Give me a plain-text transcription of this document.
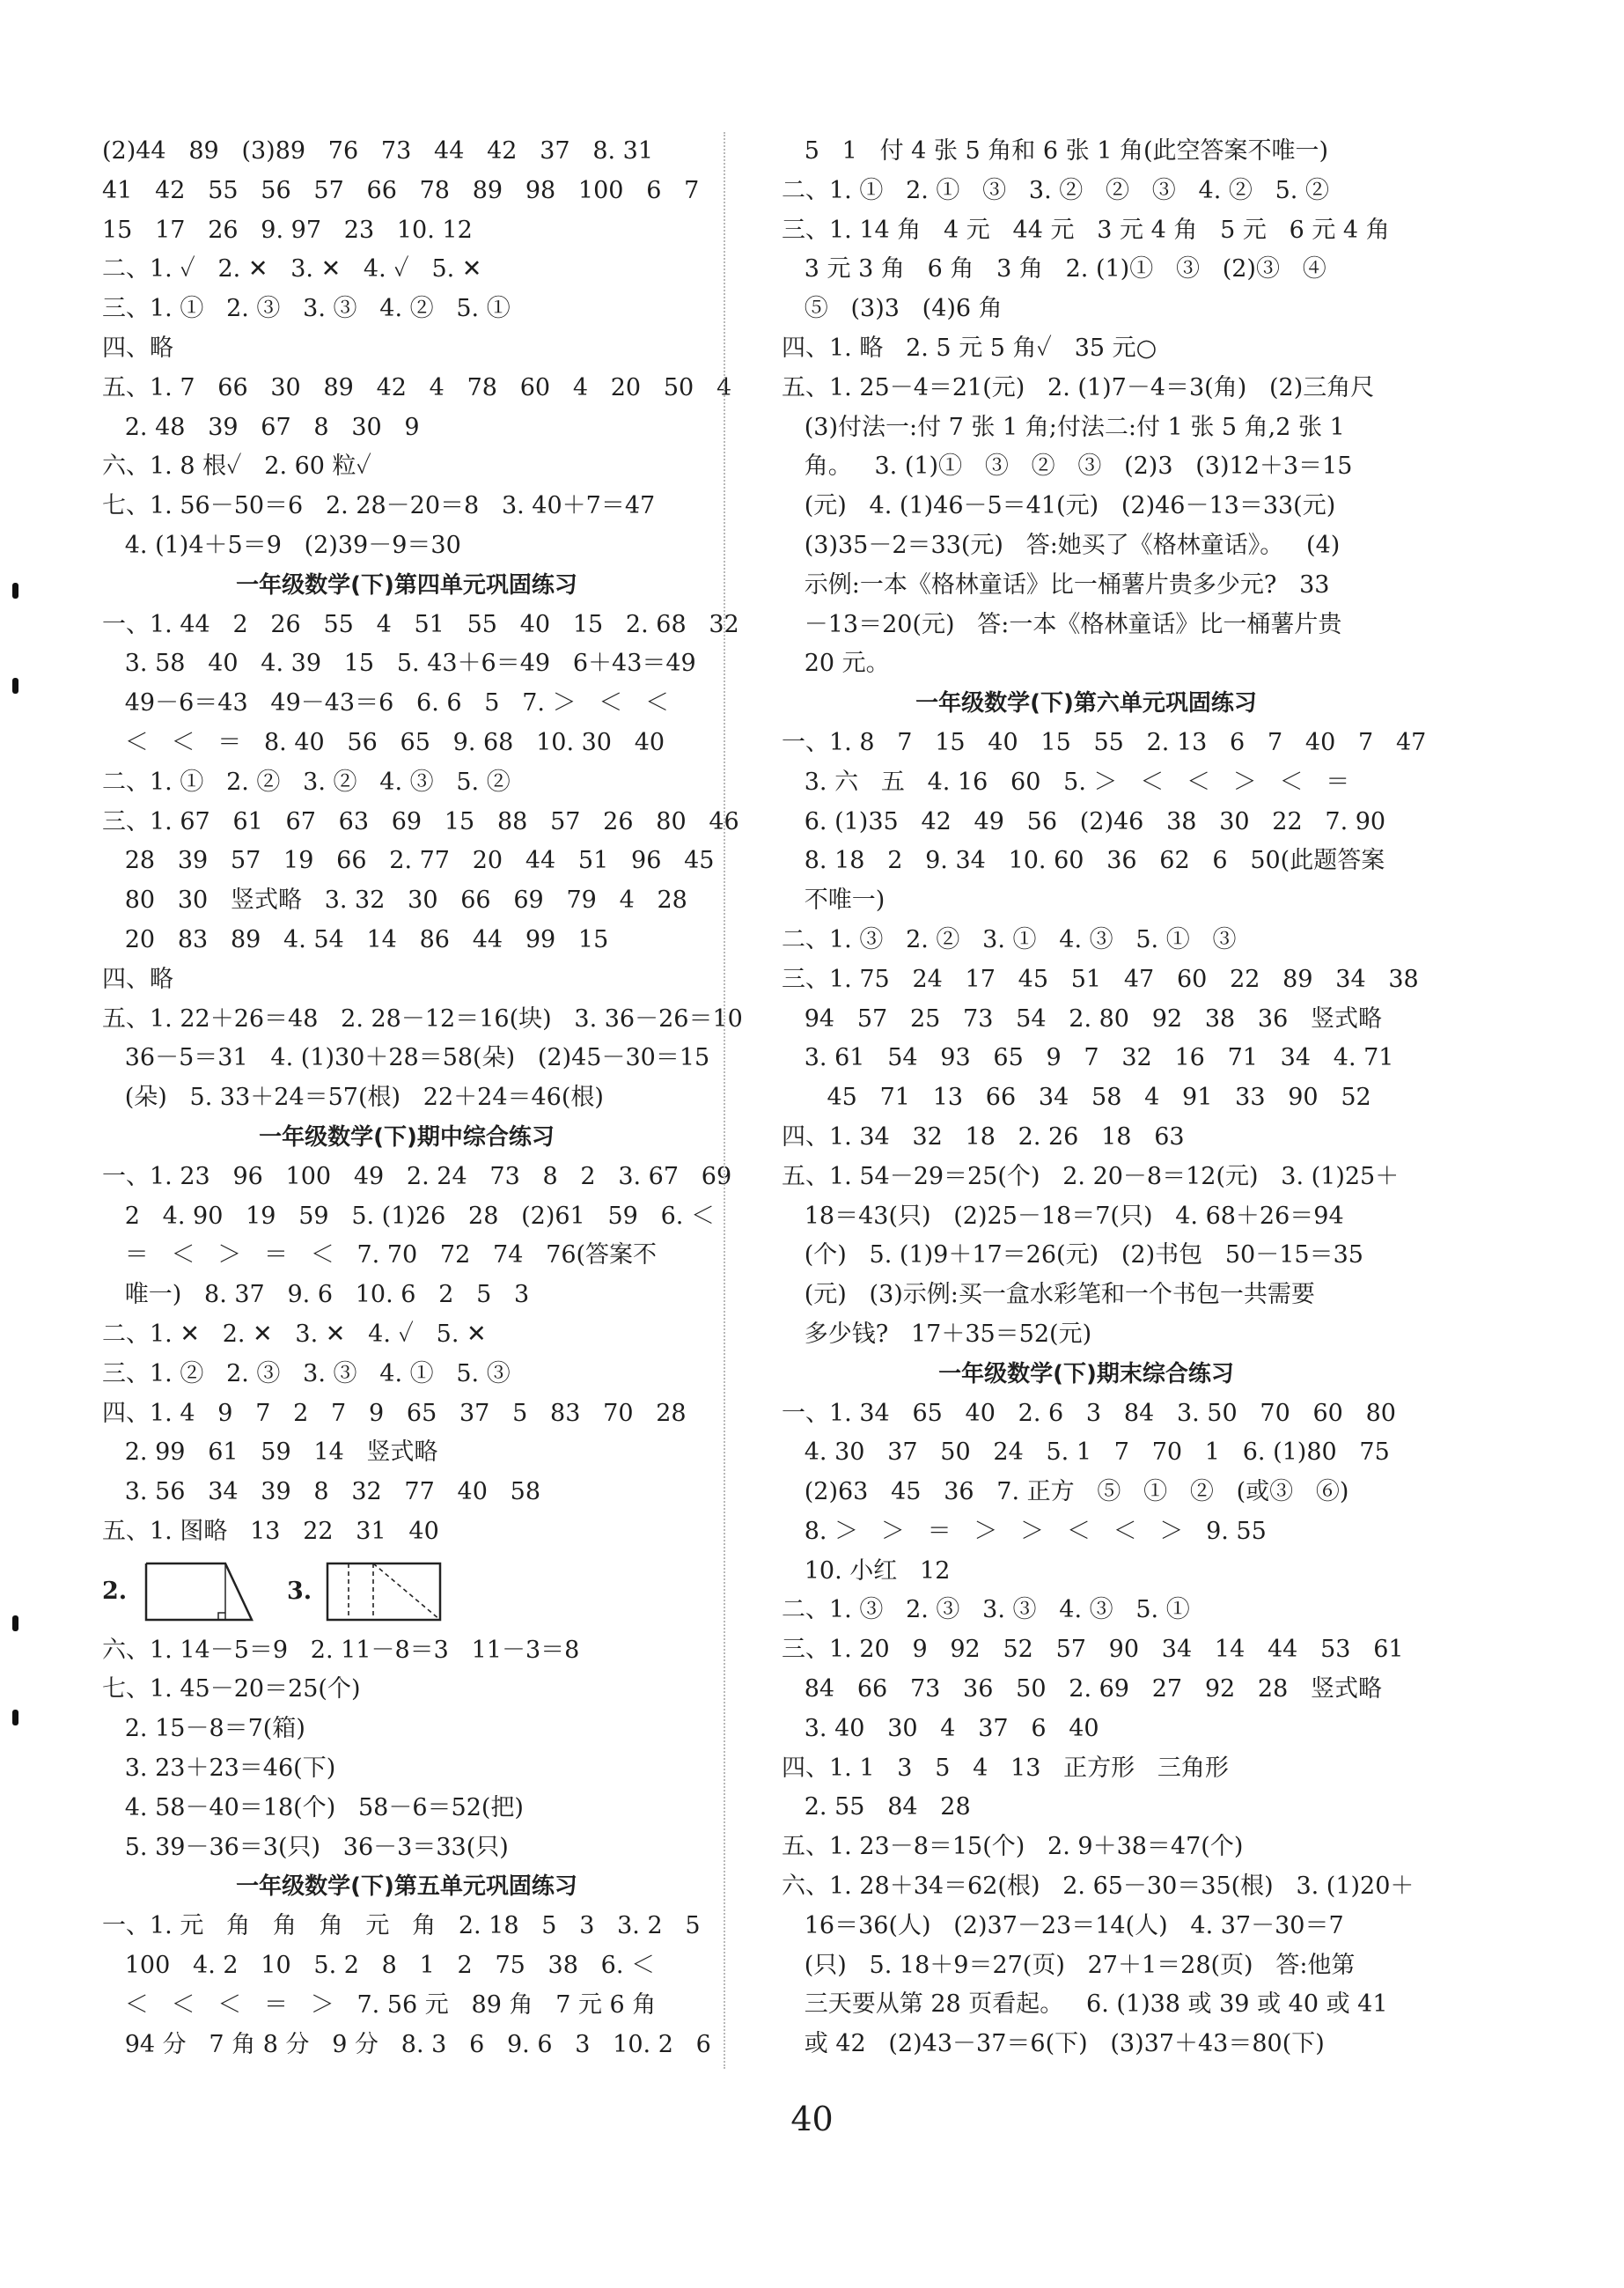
(2)44   89   (3)89   76   73   44   42   37   8. 31
41   42   55   56   57   66   78   89   98   100   6   7
15   17   26   9. 97   23   10. 12
二、1. ✓   2. ✕   3. ✕   4. ✓   5. ✕
三、1. ①   2. ③   3. ③   4. ②   5. ①
四、略
五、1. 7   66   30   89   42   4   78   60   4   20   50   4
2. 48   39   67   8   30   9
六、1. 8 根✓   2. 60 粒✓
七、1. 56－50＝6   2. 28－20＝8   3. 40＋7＝47
4. (1)4＋5＝9   (2)39－9＝30
一年级数学(下)第四单元巩固练习
一、1. 44   2   26   55   4   51   55   40   15   2. 68   32
3. 58   40   4. 39   15   5. 43＋6＝49   6＋43＝49
49－6＝43   49－43＝6   6. 6   5   7. ＞   ＜   ＜
＜   ＜   ＝   8. 40   56   65   9. 68   10. 30   40
二、1. ①   2. ②   3. ②   4. ③   5. ②
三、1. 67   61   67   63   69   15   88   57   26   80   46
28   39   57   19   66   2. 77   20   44   51   96   45
80   30   竖式略   3. 32   30   66   69   79   4   28
20   83   89   4. 54   14   86   44   99   15
四、略
五、1. 22＋26＝48   2. 28－12＝16(块)   3. 36－26＝10
36－5＝31   4. (1)30＋28＝58(朵)   (2)45－30＝15
(朵)   5. 33＋24＝57(根)   22＋24＝46(根)
一年级数学(下)期中综合练习
一、1. 23   96   100   49   2. 24   73   8   2   3. 67   69
2   4. 90   19   59   5. (1)26   28   (2)61   59   6. ＜
＝   ＜   ＞   ＝   ＜   7. 70   72   74   76(答案不
唯一)   8. 37   9. 6   10. 6   2   5   3
二、1. ✕   2. ✕   3. ✕   4. ✓   5. ✕
三、1. ②   2. ③   3. ③   4. ①   5. ③
四、1. 4   9   7   2   7   9   65   37   5   83   70   28
2. 99   61   59   14   竖式略
3. 56   34   39   8   32   77   40   58
五、1. 图略   13   22   31   40
2.	3.
六、1. 14－5＝9   2. 11－8＝3   11－3＝8
七、1. 45－20＝25(个)
2. 15－8＝7(箱)
3. 23＋23＝46(下)
4. 58－40＝18(个)   58－6＝52(把)
5. 39－36＝3(只)   36－3＝33(只)
一年级数学(下)第五单元巩固练习
一、1. 元   角   角   角   元   角   2. 18   5   3   3. 2   5
100   4. 2   10   5. 2   8   1   2   75   38   6. ＜
＜   ＜   ＜   ＝   ＞   7. 56 元   89 角   7 元 6 角
94 分   7 角 8 分   9 分   8. 3   6   9. 6   3   10. 2   6
5   1   付 4 张 5 角和 6 张 1 角(此空答案不唯一)
二、1. ①   2. ①   ③   3. ②   ②   ③   4. ②   5. ②
三、1. 14 角   4 元   44 元   3 元 4 角   5 元   6 元 4 角
3 元 3 角   6 角   3 角   2. (1)①   ③   (2)③   ④
⑤   (3)3   (4)6 角
四、1. 略   2. 5 元 5 角✓   35 元○
五、1. 25－4＝21(元)   2. (1)7－4＝3(角)   (2)三角尺
(3)付法一:付 7 张 1 角;付法二:付 1 张 5 角,2 张 1
角。   3. (1)①   ③   ②   ③   (2)3   (3)12＋3＝15
(元)   4. (1)46－5＝41(元)   (2)46－13＝33(元)
(3)35－2＝33(元)   答:她买了《格林童话》。   (4)
示例:一本《格林童话》比一桶薯片贵多少元?   33
－13＝20(元)   答:一本《格林童话》比一桶薯片贵
20 元。
一年级数学(下)第六单元巩固练习
一、1. 8   7   15   40   15   55   2. 13   6   7   40   7   47
3. 六   五   4. 16   60   5. ＞   ＜   ＜   ＞   ＜   ＝
6. (1)35   42   49   56   (2)46   38   30   22   7. 90
8. 18   2   9. 34   10. 60   36   62   6   50(此题答案
不唯一)
二、1. ③   2. ②   3. ①   4. ③   5. ①   ③
三、1. 75   24   17   45   51   47   60   22   89   34   38
94   57   25   73   54   2. 80   92   38   36   竖式略
3. 61   54   93   65   9   7   32   16   71   34   4. 71
45   71   13   66   34   58   4   91   33   90   52
四、1. 34   32   18   2. 26   18   63
五、1. 54－29＝25(个)   2. 20－8＝12(元)   3. (1)25＋
18＝43(只)   (2)25－18＝7(只)   4. 68＋26＝94
(个)   5. (1)9＋17＝26(元)   (2)书包   50－15＝35
(元)   (3)示例:买一盒水彩笔和一个书包一共需要
多少钱?   17＋35＝52(元)
一年级数学(下)期末综合练习
一、1. 34   65   40   2. 6   3   84   3. 50   70   60   80
4. 30   37   50   24   5. 1   7   70   1   6. (1)80   75
(2)63   45   36   7. 正方   ⑤   ①   ②   (或③   ⑥)
8. ＞   ＞   ＝   ＞   ＞   ＜   ＜   ＞   9. 55
10. 小红   12
二、1. ③   2. ③   3. ③   4. ③   5. ①
三、1. 20   9   92   52   57   90   34   14   44   53   61
84   66   73   36   50   2. 69   27   92   28   竖式略
3. 40   30   4   37   6   40
四、1. 1   3   5   4   13   正方形   三角形
2. 55   84   28
五、1. 23－8＝15(个)   2. 9＋38＝47(个)
六、1. 28＋34＝62(根)   2. 65－30＝35(根)   3. (1)20＋
16＝36(人)   (2)37－23＝14(人)   4. 37－30＝7
(只)   5. 18＋9＝27(页)   27＋1＝28(页)   答:他第
三天要从第 28 页看起。   6. (1)38 或 39 或 40 或 41
或 42   (2)43－37＝6(下)   (3)37＋43＝80(下)
40
